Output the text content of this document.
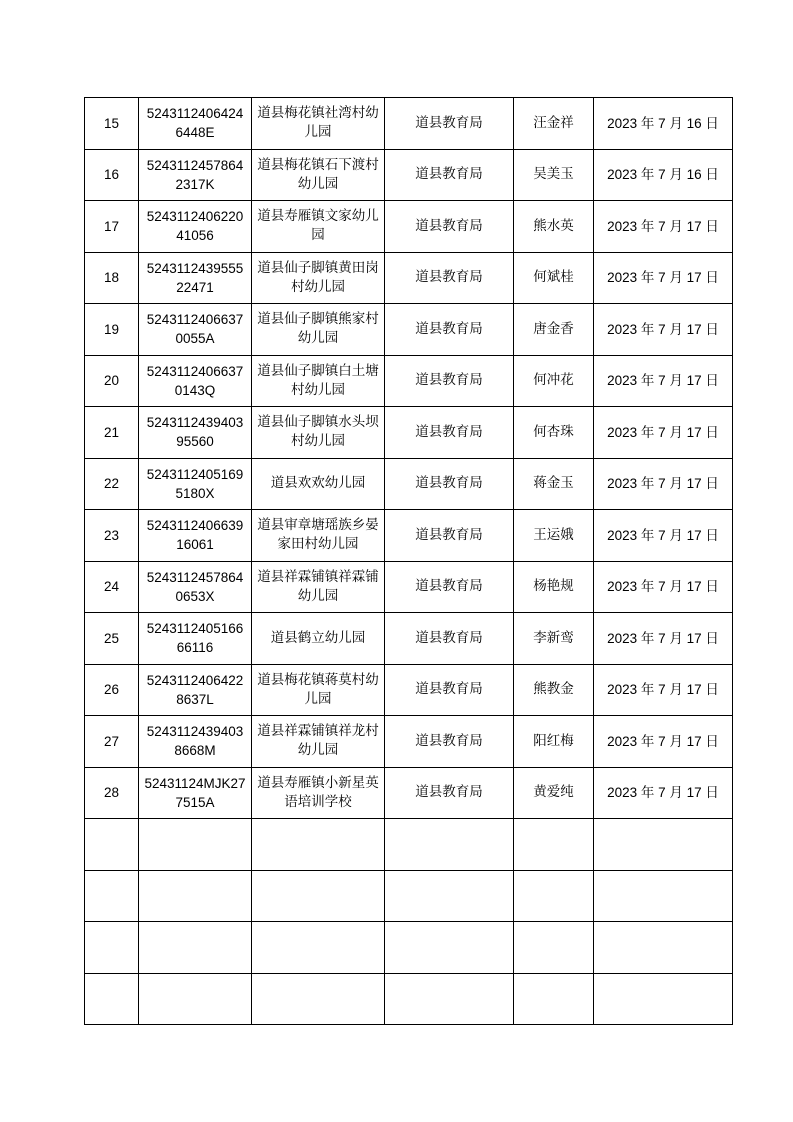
15	52431124064246448E	道县梅花镇社湾村幼儿园	道县教育局	汪金祥	2023 年 7 月 16 日
16	52431124578642317K	道县梅花镇石下渡村幼儿园	道县教育局	吴美玉	2023 年 7 月 16 日
17	524311240622041056	道县寿雁镇文家幼儿园	道县教育局	熊水英	2023 年 7 月 17 日
18	524311243955522471	道县仙子脚镇黄田岗村幼儿园	道县教育局	何斌桂	2023 年 7 月 17 日
19	52431124066370055A	道县仙子脚镇熊家村幼儿园	道县教育局	唐金香	2023 年 7 月 17 日
20	52431124066370143Q	道县仙子脚镇白土塘村幼儿园	道县教育局	何冲花	2023 年 7 月 17 日
21	524311243940395560	道县仙子脚镇水头坝村幼儿园	道县教育局	何杏珠	2023 年 7 月 17 日
22	52431124051695180X	道县欢欢幼儿园	道县教育局	蒋金玉	2023 年 7 月 17 日
23	524311240663916061	道县审章塘瑶族乡晏家田村幼儿园	道县教育局	王运娥	2023 年 7 月 17 日
24	52431124578640653X	道县祥霖铺镇祥霖铺幼儿园	道县教育局	杨艳规	2023 年 7 月 17 日
25	524311240516666116	道县鹤立幼儿园	道县教育局	李新鸾	2023 年 7 月 17 日
26	52431124064228637L	道县梅花镇蒋莫村幼儿园	道县教育局	熊教金	2023 年 7 月 17 日
27	52431124394038668M	道县祥霖铺镇祥龙村幼儿园	道县教育局	阳红梅	2023 年 7 月 17 日
28	52431124MJK277515A	道县寿雁镇小新星英语培训学校	道县教育局	黄爱纯	2023 年 7 月 17 日
